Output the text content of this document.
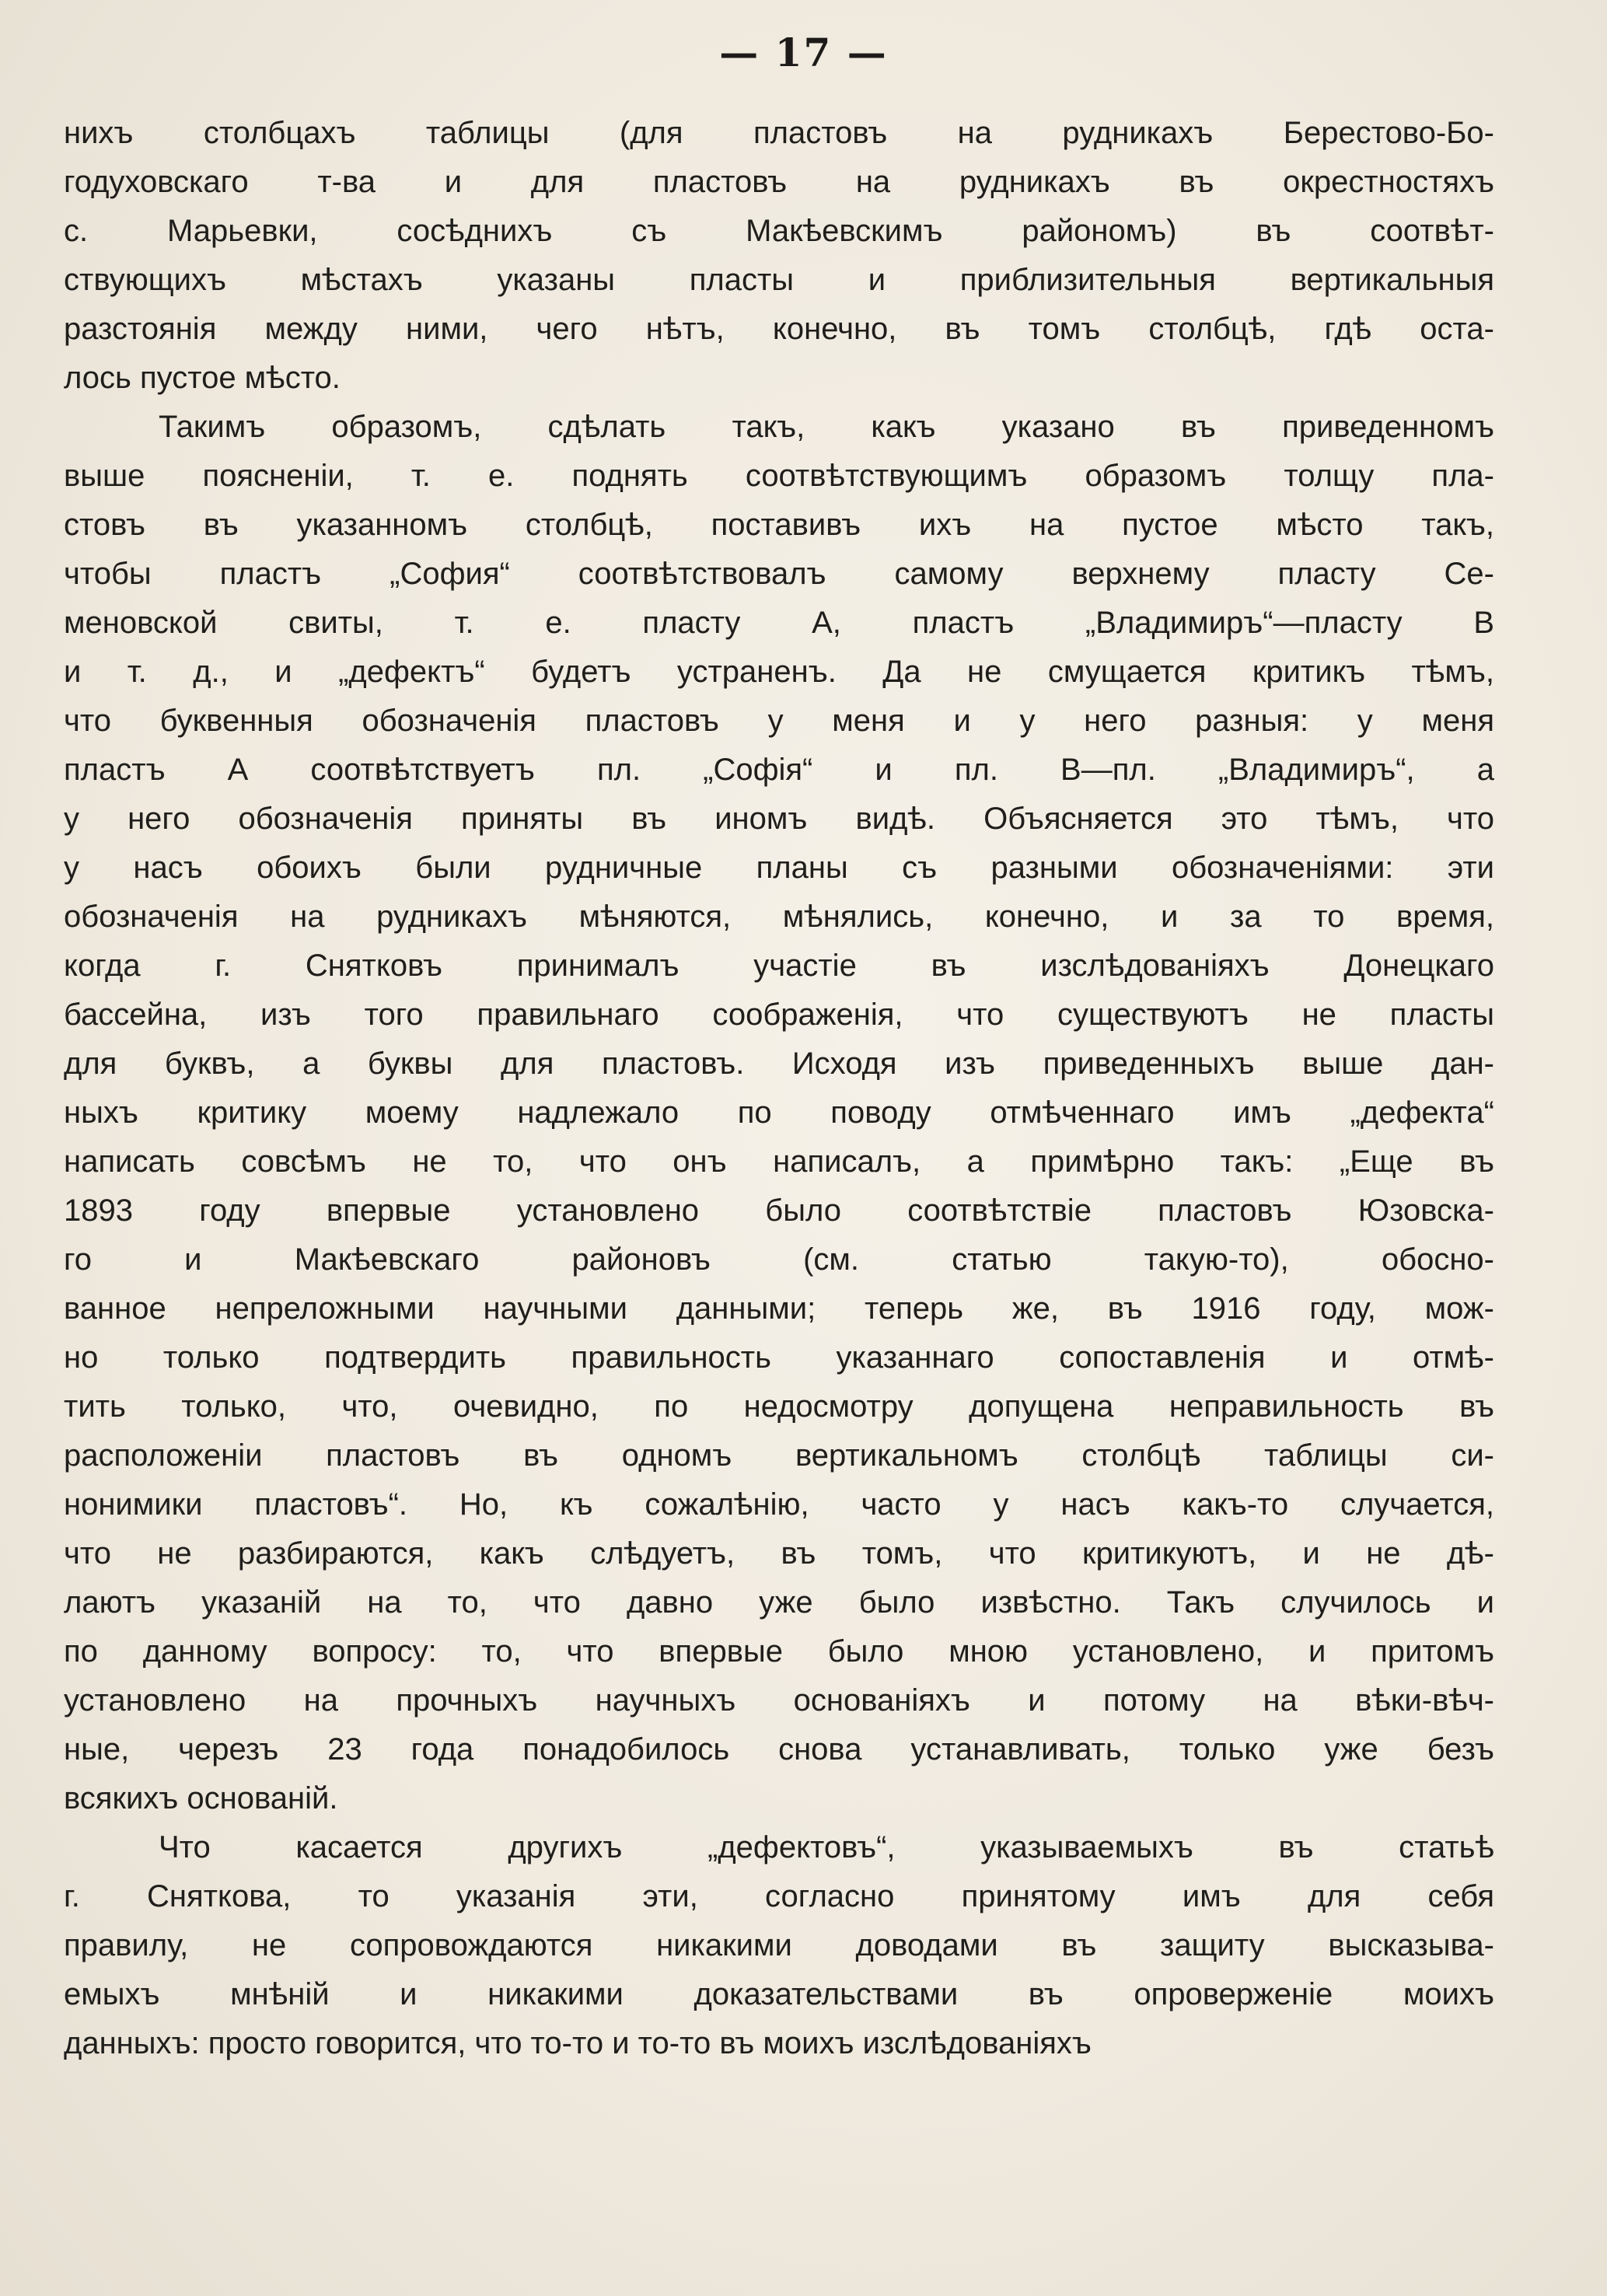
— 17 —
нихъ столбцахъ таблицы (для пластовъ на рудникахъ Берестово-Бо-
годуховскаго т-ва и для пластовъ на рудникахъ въ окрестностяхъ
с. Марьевки, сосѣднихъ съ Макѣевскимъ райономъ) въ соотвѣт-
ствующихъ мѣстахъ указаны пласты и приблизительныя вертикальныя
разстоянія между ними, чего нѣтъ, конечно, въ томъ столбцѣ, гдѣ оста-
лось пустое мѣсто.
Такимъ образомъ, сдѣлать такъ, какъ указано въ приведенномъ
выше поясненіи, т. е. поднять соотвѣтствующимъ образомъ толщу пла-
стовъ въ указанномъ столбцѣ, поставивъ ихъ на пустое мѣсто такъ,
чтобы пластъ „София“ соотвѣтствовалъ самому верхнему пласту Се-
меновской свиты, т. е. пласту А, пластъ „Владимиръ“—пласту В
и т. д., и „дефектъ“ будетъ устраненъ. Да не смущается критикъ тѣмъ,
что буквенныя обозначенія пластовъ у меня и у него разныя: у меня
пластъ А соотвѣтствуетъ пл. „Софія“ и пл. В—пл. „Владимиръ“, а
у него обозначенія приняты въ иномъ видѣ. Объясняется это тѣмъ, что
у насъ обоихъ были рудничные планы съ разными обозначеніями: эти
обозначенія на рудникахъ мѣняются, мѣнялись, конечно, и за то время,
когда г. Снятковъ принималъ участіе въ изслѣдованіяхъ Донецкаго
бассейна, изъ того правильнаго соображенія, что существуютъ не пласты
для буквъ, а буквы для пластовъ. Исходя изъ приведенныхъ выше дан-
ныхъ критику моему надлежало по поводу отмѣченнаго имъ „дефекта“
написать совсѣмъ не то, что онъ написалъ, а примѣрно такъ: „Еще въ
1893 году впервые установлено было соотвѣтствіе пластовъ Юзовска-
го и Макѣевскаго районовъ (см. статью такую-то), обосно-
ванное непреложными научными данными; теперь же, въ 1916 году, мож-
но только подтвердить правильность указаннаго сопоставленія и отмѣ-
тить только, что, очевидно, по недосмотру допущена неправильность въ
расположеніи пластовъ въ одномъ вертикальномъ столбцѣ таблицы си-
нонимики пластовъ“. Но, къ сожалѣнію, часто у насъ какъ-то случается,
что не разбираются, какъ слѣдуетъ, въ томъ, что критикуютъ, и не дѣ-
лаютъ указаній на то, что давно уже было извѣстно. Такъ случилось и
по данному вопросу: то, что впервые было мною установлено, и притомъ
установлено на прочныхъ научныхъ основаніяхъ и потому на вѣки-вѣч-
ные, черезъ 23 года понадобилось снова устанавливать, только уже безъ
всякихъ основаній.
Что касается другихъ „дефектовъ“, указываемыхъ въ статьѣ
г. Сняткова, то указанія эти, согласно принятому имъ для себя
правилу, не сопровождаются никакими доводами въ защиту высказыва-
емыхъ мнѣній и никакими доказательствами въ опроверженіе моихъ
данныхъ: просто говорится, что то-то и то-то въ моихъ изслѣдованіяхъ
